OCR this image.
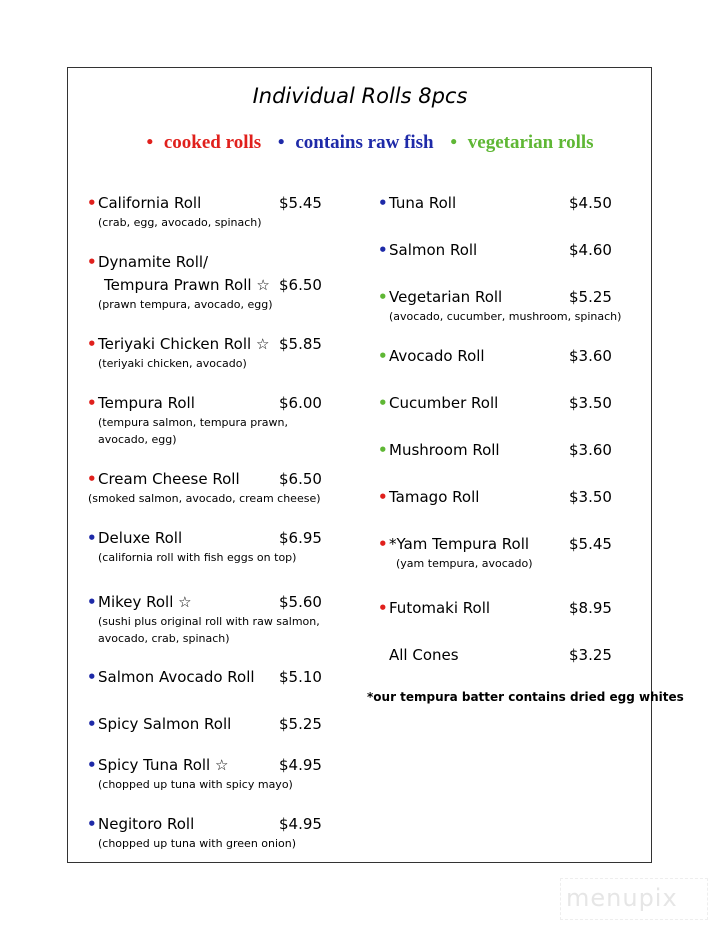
Individual Rolls 8pcs
• cooked rolls • contains raw fish • vegetarian rolls
• California Roll	$5.45
(crab, egg, avocado, spinach)
• Dynamite Roll/
Tempura Prawn Roll ☆ $6.50
(prawn tempura, avocado, egg)
• Teriyaki Chicken Roll ☆ $5.85
(teriyaki chicken, avocado)
• Tempura Roll	$6.00
(tempura salmon, tempura prawn,
avocado, egg)
• Cream Cheese Roll	$6.50
(smoked salmon, avocado, cream cheese)
• Deluxe Roll	$6.95
(california roll with fish eggs on top)
• Mikey Roll ☆	$5.60
(sushi plus original roll with raw salmon,
avocado, crab, spinach)
• Salmon Avocado Roll $5.10
• Spicy Salmon Roll	$5.25
• Spicy Tuna Roll ☆	$4.95
(chopped up tuna with spicy mayo)
• Negitoro Roll	$4.95
(chopped up tuna with green onion)
• Tuna Roll	$4.50
• Salmon Roll	$4.60
• Vegetarian Roll	$5.25
(avocado, cucumber, mushroom, spinach)
• Avocado Roll	$3.60
• Cucumber Roll	$3.50
• Mushroom Roll	$3.60
• Tamago Roll	$3.50
• *Yam Tempura Roll	$5.45
(yam tempura, avocado)
• Futomaki Roll	$8.95
All Cones	$3.25
*our tempura batter contains dried egg whites
menupix
